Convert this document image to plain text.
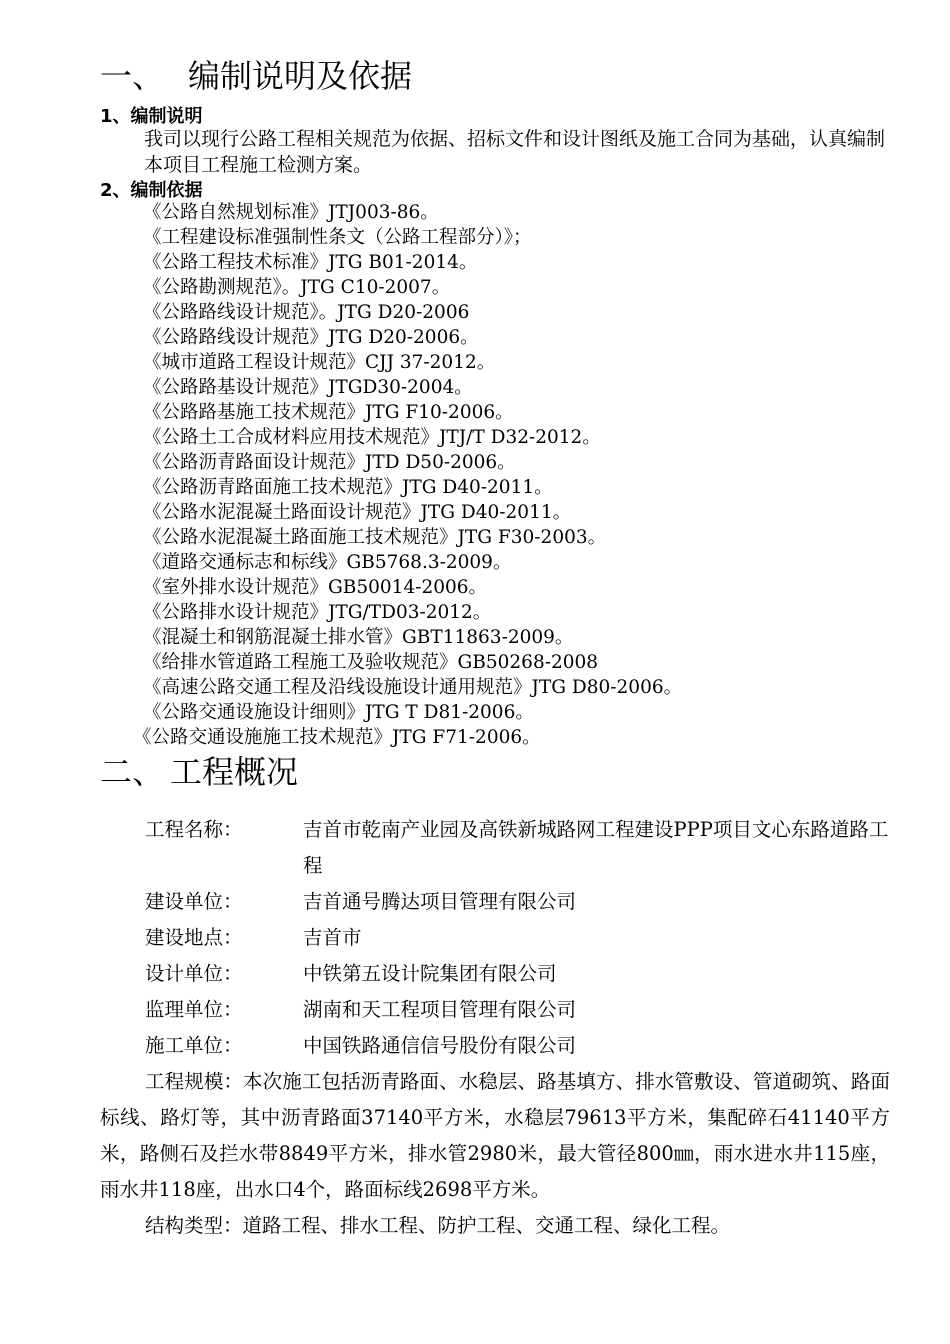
一、 编制说明及依据
1、编制说明
我司以现行公路工程相关规范为依据、招标文件和设计图纸及施工合同为基础，认真编制本项目工程施工检测方案。
2、编制依据
《公路自然规划标准》JTJ003-86。
《工程建设标准强制性条文（公路工程部分）》；
《公路工程技术标准》JTG B01-2014。
《公路勘测规范》。JTG C10-2007。
《公路路线设计规范》。JTG D20-2006
《公路路线设计规范》JTG D20-2006。
《城市道路工程设计规范》CJJ 37-2012。
《公路路基设计规范》JTGD30-2004。
《公路路基施工技术规范》JTG F10-2006。
《公路土工合成材料应用技术规范》JTJ/T D32-2012。
《公路沥青路面设计规范》JTD D50-2006。
《公路沥青路面施工技术规范》JTG D40-2011。
《公路水泥混凝土路面设计规范》JTG D40-2011。
《公路水泥混凝土路面施工技术规范》JTG F30-2003。
《道路交通标志和标线》GB5768.3-2009。
《室外排水设计规范》GB50014-2006。
《公路排水设计规范》JTG/TD03-2012。
《混凝土和钢筋混凝土排水管》GBT11863-2009。
《给排水管道路工程施工及验收规范》GB50268-2008
《高速公路交通工程及沿线设施设计通用规范》JTG D80-2006。
《公路交通设施设计细则》JTG T D81-2006。
《公路交通设施施工技术规范》JTG F71-2006。
二、 工程概况
工程名称：	吉首市乾南产业园及高铁新城路网工程建设PPP项目文心东路道路工程
建设单位：	吉首通号腾达项目管理有限公司
建设地点：	吉首市
设计单位：	中铁第五设计院集团有限公司
监理单位：	湖南和天工程项目管理有限公司
施工单位：	中国铁路通信信号股份有限公司
工程规模：本次施工包括沥青路面、水稳层、路基填方、排水管敷设、管道砌筑、路面标线、路灯等，其中沥青路面37140平方米，水稳层79613平方米，集配碎石41140平方米，路侧石及拦水带8849平方米，排水管2980米，最大管径800㎜，雨水进水井115座，雨水井118座，出水口4个，路面标线2698平方米。
结构类型：道路工程、排水工程、防护工程、交通工程、绿化工程。
